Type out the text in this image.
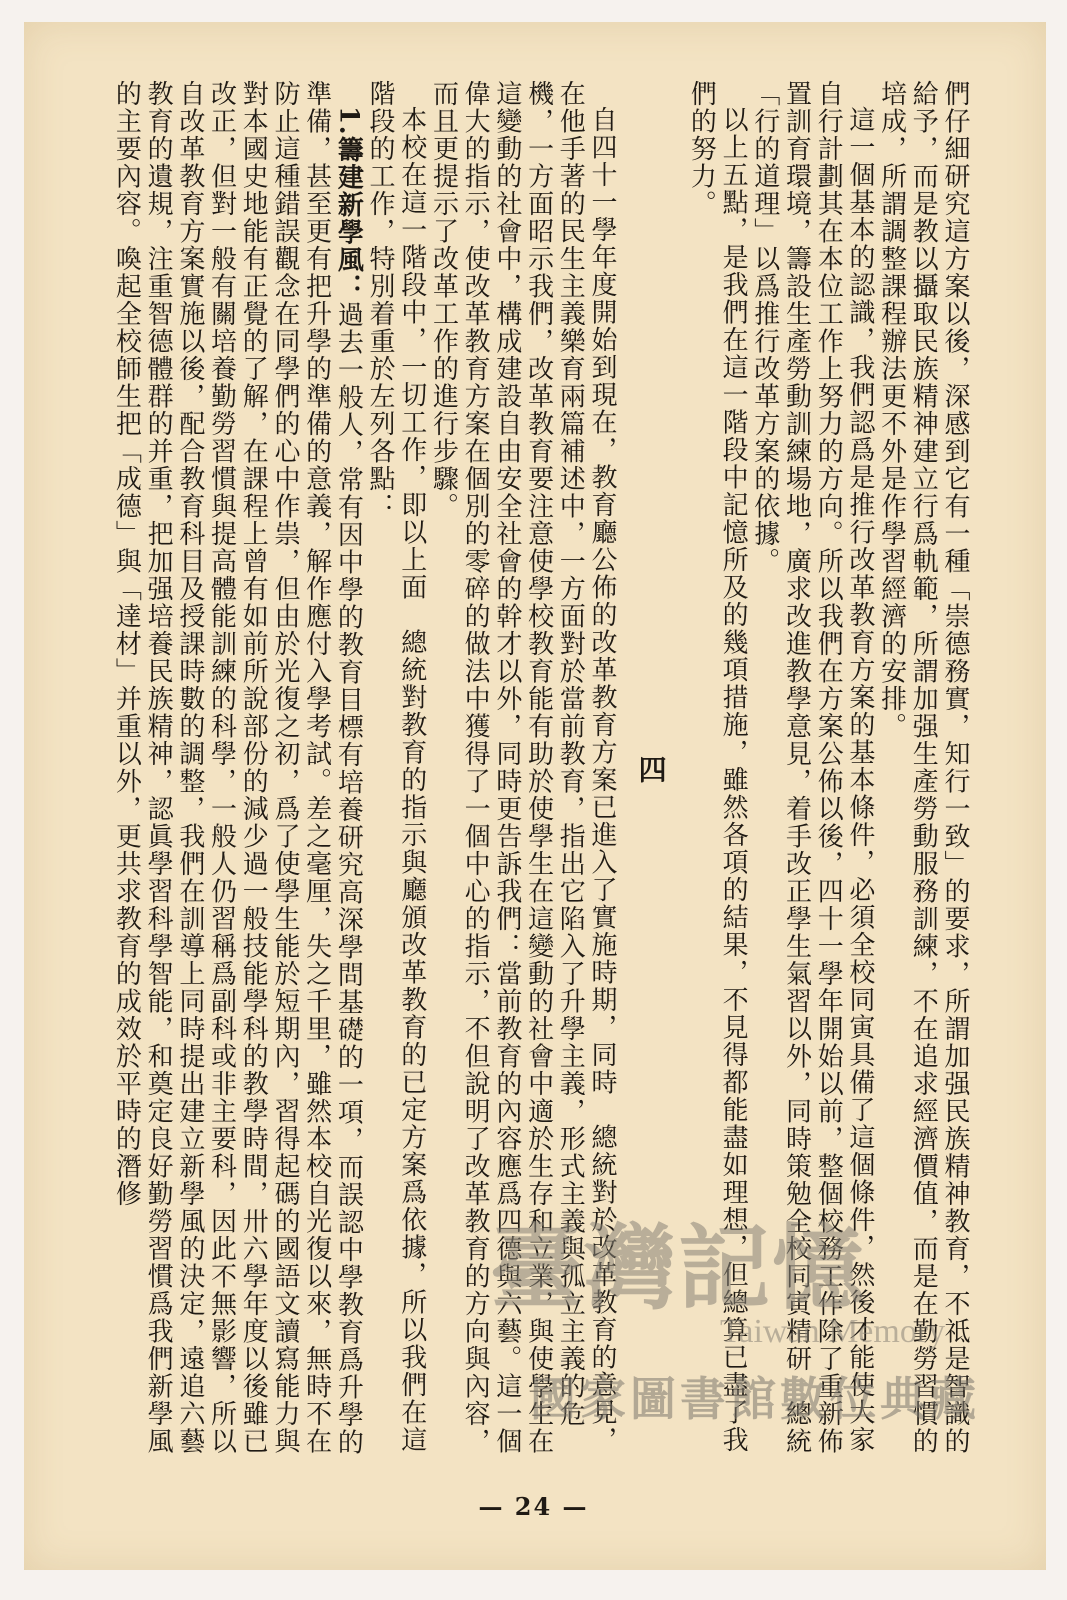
們仔細研究這方案以後，深感到它有一種「崇德務實，知行一致」的要求，所謂加强民族精神教育，不祗是智識的給予，而是教以攝取民族精神建立行爲軌範，所謂加强生產勞動服務訓練，不在追求經濟價值，而是在勤勞習慣的培成，所謂調整課程辦法更不外是作學習經濟的安排。

這一個基本的認識，我們認爲是推行改革教育方案的基本條件，必須全校同寅具備了這個條件，然後才能使大家自行計劃其在本位工作上努力的方向。所以我們在方案公佈以後，四十一學年開始以前，整個校務工作除了重新佈置訓育環境，籌設生產勞動訓練場地，廣求改進教學意見，着手改正學生氣習以外，同時策勉全校同寅精研　總統「行的道理」以爲推行改革方案的依據。

以上五點，是我們在這一階段中記憶所及的幾項措施，雖然各項的結果，不見得都能盡如理想，但總算已盡了我們的努力。

四

自四十一學年度開始到現在，教育廳公佈的改革教育方案已進入了實施時期，同時　總統對於改革教育的意見，在他手著的民生主義樂育兩篇補述中，一方面對於當前教育，指出它陷入了升學主義，形式主義與孤立主義的危機，一方面昭示我們，改革教育要注意使學校教育能有助於使學生在這變動的社會中適於生存和立業，與使學生在這變動的社會中，構成建設自由安全社會的幹才以外，同時更告訴我們：當前教育的內容應爲四德與六藝。這一個偉大的指示，使改革教育方案在個別的零碎的做法中獲得了一個中心的指示，不但說明了改革教育的方向與內容，而且更提示了改革工作的進行步驟。

本校在這一階段中，一切工作，即以上面　總統對教育的指示與廳頒改革教育的已定方案爲依據，所以我們在這階段的工作，特別着重於左列各點：

1.籌建新學風：過去一般人，常有因中學的教育目標有培養研究高深學問基礎的一項，而誤認中學教育爲升學的準備，甚至更有把升學的準備的意義，解作應付入學考試。差之毫厘，失之千里，雖然本校自光復以來，無時不在防止這種錯誤觀念在同學們的心中作祟，但由於光復之初，爲了使學生能於短期內，習得起碼的國語文讀寫能力與對本國史地能有正覺的了解，在課程上曾有如前所說部份的減少過一般技能學科的教學時間，卅六學年度以後雖已改正，但對一般有關培養勤勞習慣與提高體能訓練的科學，一般人仍習稱爲副科或非主要科，因此不無影響，所以自改革教育方案實施以後，配合教育科目及授課時數的調整，我們在訓導上同時提出建立新學風的決定，遠追六藝教育的遺規，注重智德體群的并重，把加强培養民族精神，認眞學習科學智能，和奠定良好勤勞習慣爲我們新學風的主要內容。喚起全校師生把「成德」與「達材」并重以外，更共求教育的成效於平時的潛修

臺灣記憶
Taiwan Memory
國家圖書館數位典藏
— 24 —
